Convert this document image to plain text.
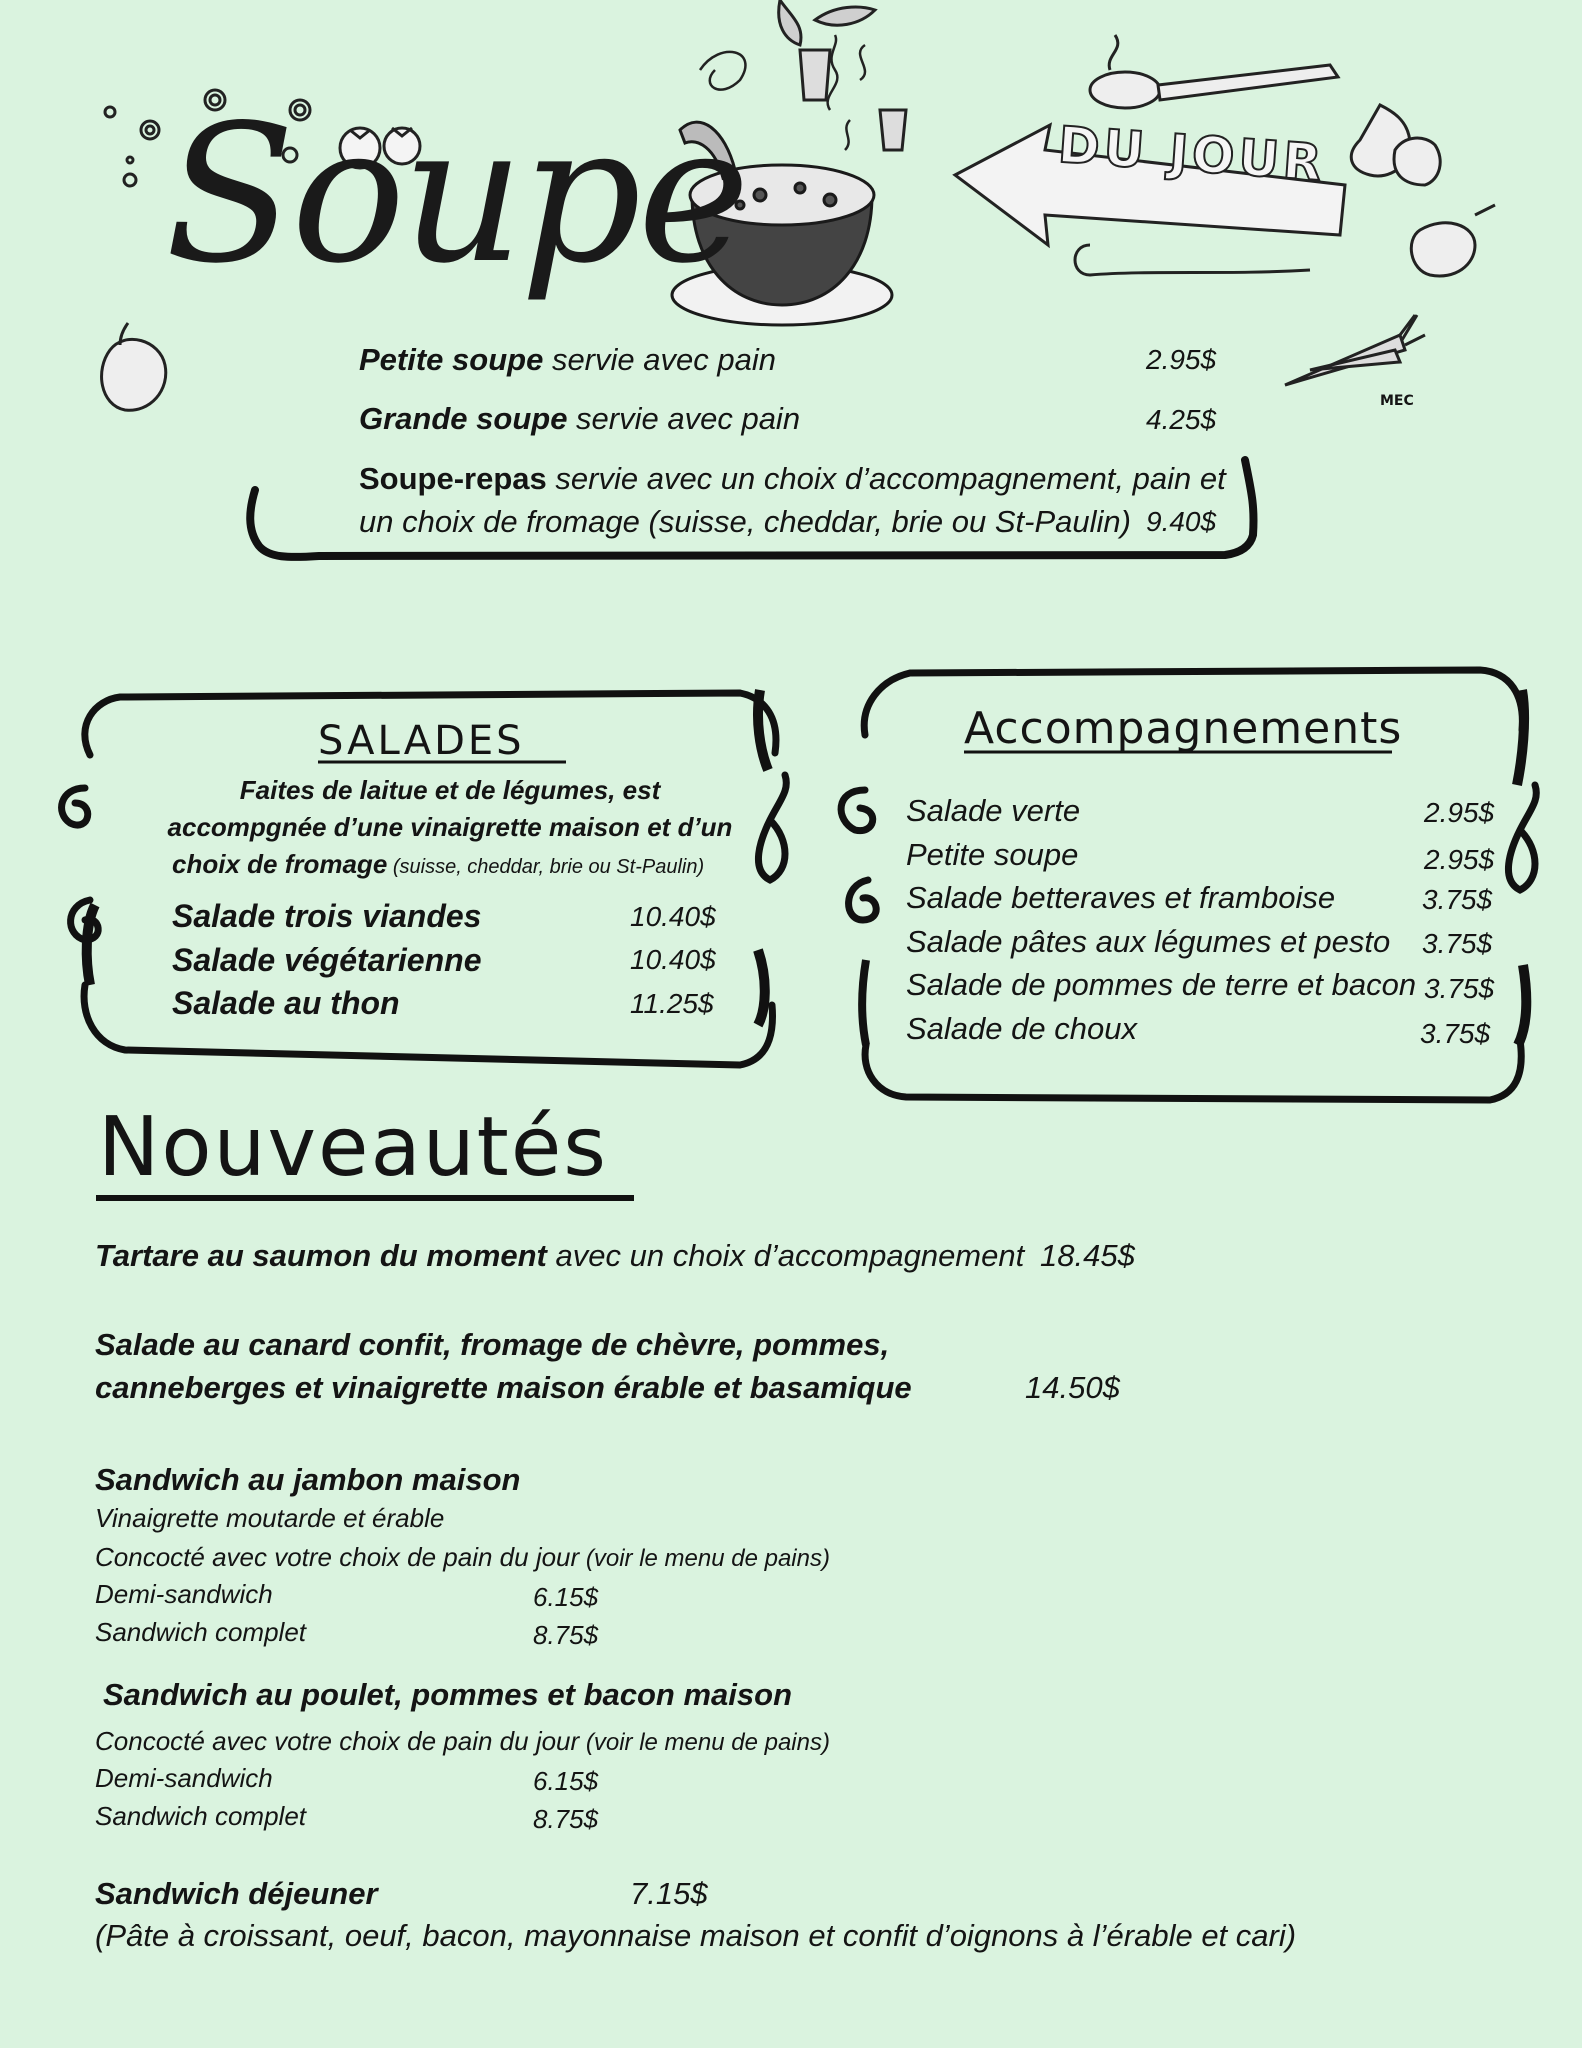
Soupe	DU JOUR
MEC
Petite soupe servie avec pain	2.95$
Grande soupe servie avec pain	4.25$
Soupe-repas servie avec un choix d’accompagnement, pain et
un choix de fromage (suisse, cheddar, brie ou St-Paulin) 9.40$
SALADES
Faites de laitue et de légumes, est
accompgnée d’une vinaigrette maison et d’un
choix de fromage (suisse, cheddar, brie ou St-Paulin)
Salade trois viandes	10.40$
Salade végétarienne	10.40$
Salade au thon	11.25$
Accompagnements
Salade verte	2.95$
Petite soupe	2.95$
Salade betteraves et framboise	3.75$
Salade pâtes aux légumes et pesto 3.75$
Salade de pommes de terre et bacon 3.75$
Salade de choux	3.75$
Nouveautés
Tartare au saumon du moment avec un choix d’accompagnement 18.45$
Salade au canard confit, fromage de chèvre, pommes,
canneberges et vinaigrette maison érable et basamique	14.50$
Sandwich au jambon maison
Vinaigrette moutarde et érable
Concocté avec votre choix de pain du jour (voir le menu de pains)
Demi-sandwich	6.15$
Sandwich complet	8.75$
Sandwich au poulet, pommes et bacon maison
Concocté avec votre choix de pain du jour (voir le menu de pains)
Demi-sandwich	6.15$
Sandwich complet	8.75$
Sandwich déjeuner	7.15$
(Pâte à croissant, oeuf, bacon, mayonnaise maison et confit d’oignons à l’érable et cari)
